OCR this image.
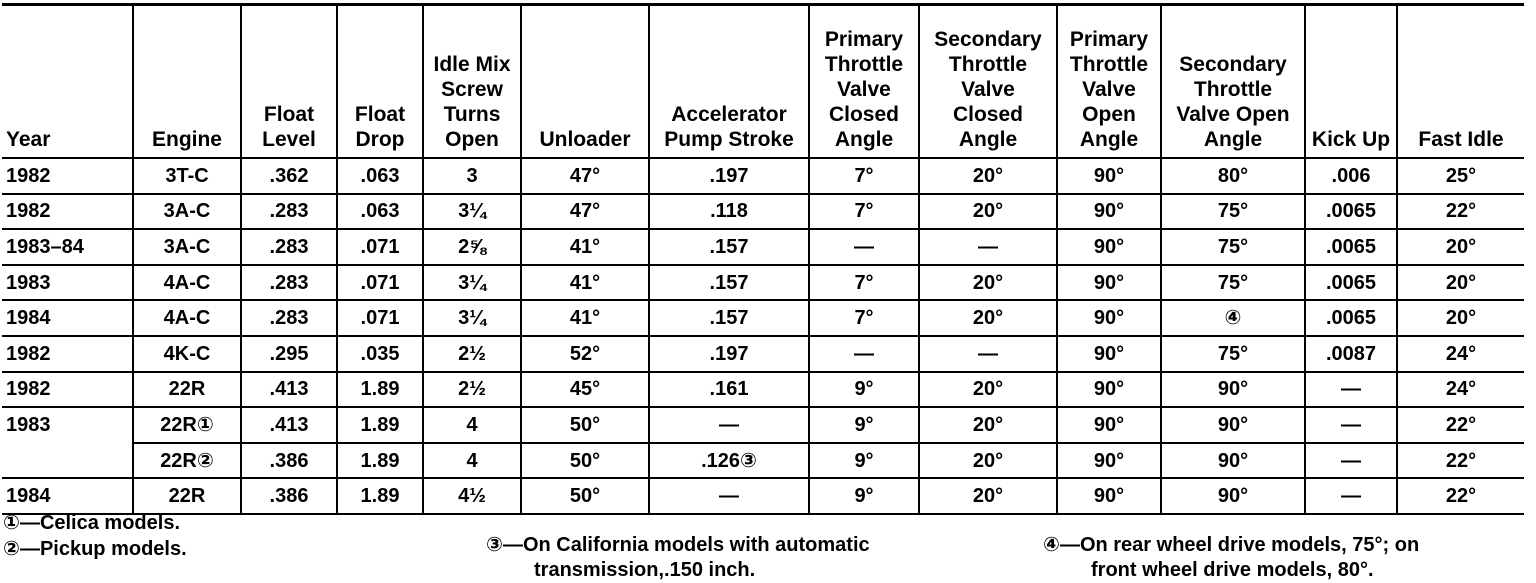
Year	Engine	Float Level	Float Drop	Idle Mix Screw Turns Open	Unloader	Accelerator Pump Stroke	Primary Throttle Valve Closed Angle	Secondary Throttle Valve Closed Angle	Primary Throttle Valve Open Angle	Secondary Throttle Valve Open Angle	Kick Up	Fast Idle
1982	3T-C	.362	.063	3	47°	.197	7°	20°	90°	80°	.006	25°
1982	3A-C	.283	.063	3¼	47°	.118	7°	20°	90°	75°	.0065	22°
1983–84	3A-C	.283	.071	2⅝	41°	.157	—	—	90°	75°	.0065	20°
1983	4A-C	.283	.071	3¼	41°	.157	7°	20°	90°	75°	.0065	20°
1984	4A-C	.283	.071	3¼	41°	.157	7°	20°	90°	④	.0065	20°
1982	4K-C	.295	.035	2½	52°	.197	—	—	90°	75°	.0087	24°
1982	22R	.413	1.89	2½	45°	.161	9°	20°	90°	90°	—	24°
1983	22R①	.413	1.89	4	50°	—	9°	20°	90°	90°	—	22°
	22R②	.386	1.89	4	50°	.126③	9°	20°	90°	90°	—	22°
1984	22R	.386	1.89	4½	50°	—	9°	20°	90°	90°	—	22°
①—Celica models.
②—Pickup models.	③—On California models with automatic
transmission,.150 inch.
④—On rear wheel drive models, 75°; on
front wheel drive models, 80°.
